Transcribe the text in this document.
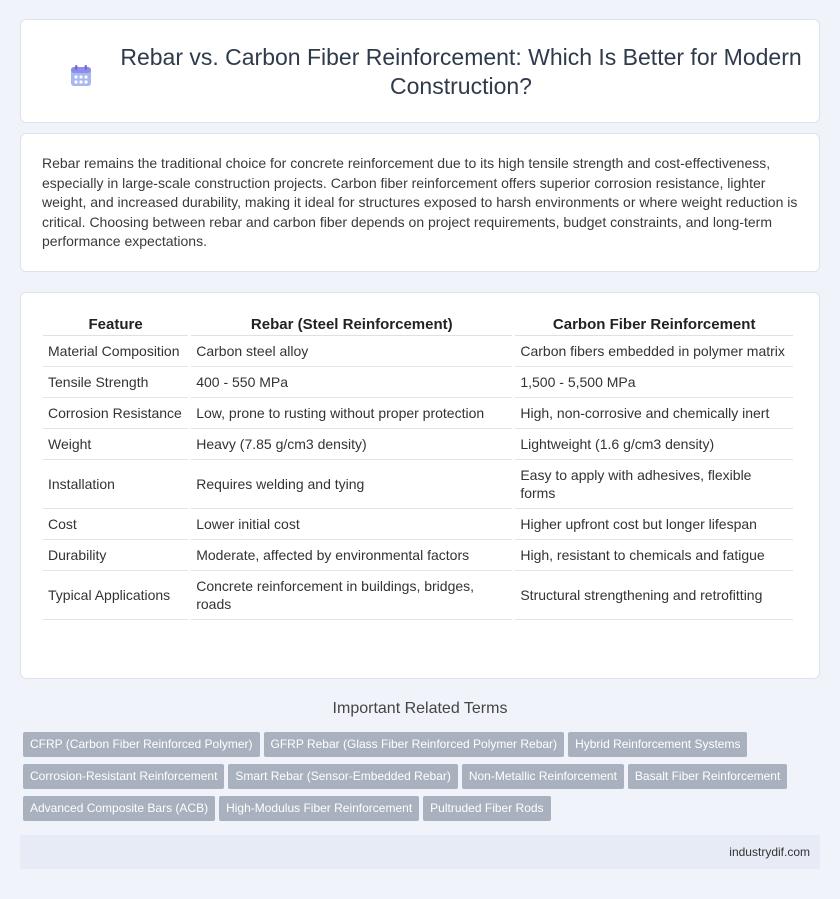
Rebar vs. Carbon Fiber Reinforcement: Which Is Better for Modern Construction?

Rebar remains the traditional choice for concrete reinforcement due to its high tensile strength and cost-effectiveness, especially in large-scale construction projects. Carbon fiber reinforcement offers superior corrosion resistance, lighter weight, and increased durability, making it ideal for structures exposed to harsh environments or where weight reduction is critical. Choosing between rebar and carbon fiber depends on project requirements, budget constraints, and long-term performance expectations.

Feature	Rebar (Steel Reinforcement)	Carbon Fiber Reinforcement
Material Composition	Carbon steel alloy	Carbon fibers embedded in polymer matrix
Tensile Strength	400 - 550 MPa	1,500 - 5,500 MPa
Corrosion Resistance	Low, prone to rusting without proper protection	High, non-corrosive and chemically inert
Weight	Heavy (7.85 g/cm3 density)	Lightweight (1.6 g/cm3 density)
Installation	Requires welding and tying	Easy to apply with adhesives, flexible forms
Cost	Lower initial cost	Higher upfront cost but longer lifespan
Durability	Moderate, affected by environmental factors	High, resistant to chemicals and fatigue
Typical Applications	Concrete reinforcement in buildings, bridges, roads	Structural strengthening and retrofitting
Important Related Terms
CFRP (Carbon Fiber Reinforced Polymer) GFRP Rebar (Glass Fiber Reinforced Polymer Rebar) Hybrid Reinforcement Systems
Corrosion-Resistant Reinforcement Smart Rebar (Sensor-Embedded Rebar) Non-Metallic Reinforcement Basalt Fiber Reinforcement
Advanced Composite Bars (ACB) High-Modulus Fiber Reinforcement Pultruded Fiber Rods
industrydif.com
